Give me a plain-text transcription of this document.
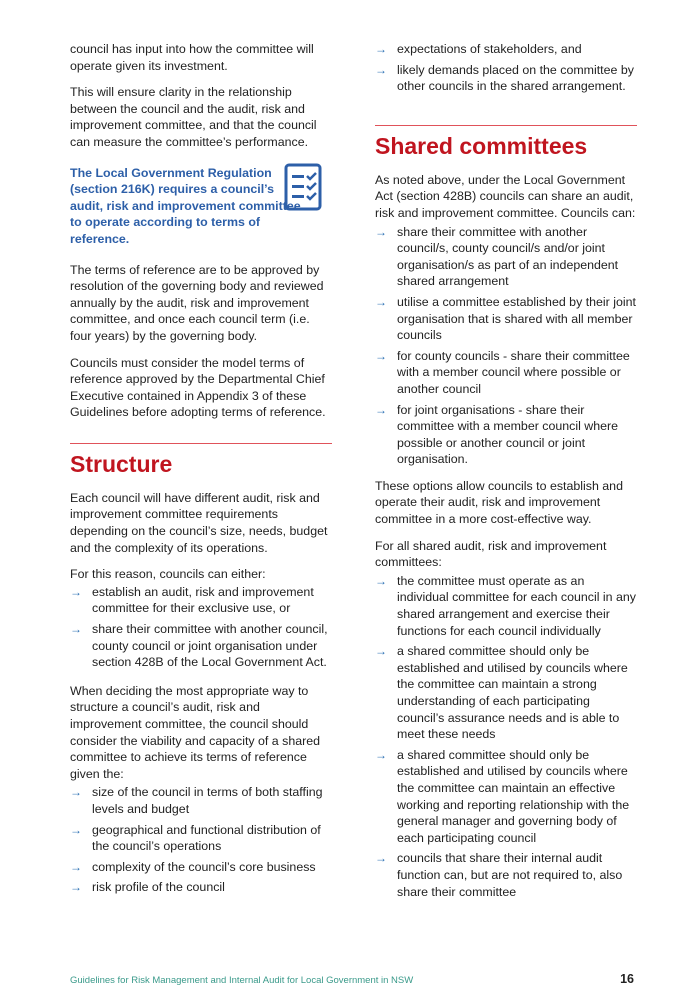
council has input into how the committee will operate given its investment.

This will ensure clarity in the relationship between the council and the audit, risk and improvement committee, and that the council can measure the committee’s performance.

The Local Government Regulation (section 216K) requires a council’s audit, risk and improvement committee to operate according to terms of reference.

The terms of reference are to be approved by resolution of the governing body and reviewed annually by the audit, risk and improvement committee, and once each council term (i.e. four years) by the governing body.

Councils must consider the model terms of reference approved by the Departmental Chief Executive contained in Appendix 3 of these Guidelines before adopting terms of reference.

Structure

Each council will have different audit, risk and improvement committee requirements depending on the council’s size, needs, budget and the complexity of its operations.

For this reason, councils can either:

→ establish an audit, risk and improvement committee for their exclusive use, or
→ share their committee with another council, county council or joint organisation under section 428B of the Local Government Act.

When deciding the most appropriate way to structure a council’s audit, risk and improvement committee, the council should consider the viability and capacity of a shared committee to achieve its terms of reference given the:

→ size of the council in terms of both staffing levels and budget
→ geographical and functional distribution of the council’s operations
→ complexity of the council’s core business
→ risk profile of the council
→ expectations of stakeholders, and
→ likely demands placed on the committee by other councils in the shared arrangement.
Shared committees

As noted above, under the Local Government Act (section 428B) councils can share an audit, risk and improvement committee. Councils can:

→ share their committee with another council/s, county council/s and/or joint organisation/s as part of an independent shared arrangement
→ utilise a committee established by their joint organisation that is shared with all member councils
→ for county councils - share their committee with a member council where possible or another council
→ for joint organisations - share their committee with a member council where possible or another council or joint organisation.

These options allow councils to establish and operate their audit, risk and improvement committee in a more cost-effective way.

For all shared audit, risk and improvement committees:

→ the committee must operate as an individual committee for each council in any shared arrangement and exercise their functions for each council individually
→ a shared committee should only be established and utilised by councils where the committee can maintain a strong understanding of each participating council’s assurance needs and is able to meet these needs
→ a shared committee should only be established and utilised by councils where the committee can maintain an effective working and reporting relationship with the general manager and governing body of each participating council
→ councils that share their internal audit function can, but are not required to, also share their committee
Guidelines for Risk Management and Internal Audit for Local Government in NSW	16
